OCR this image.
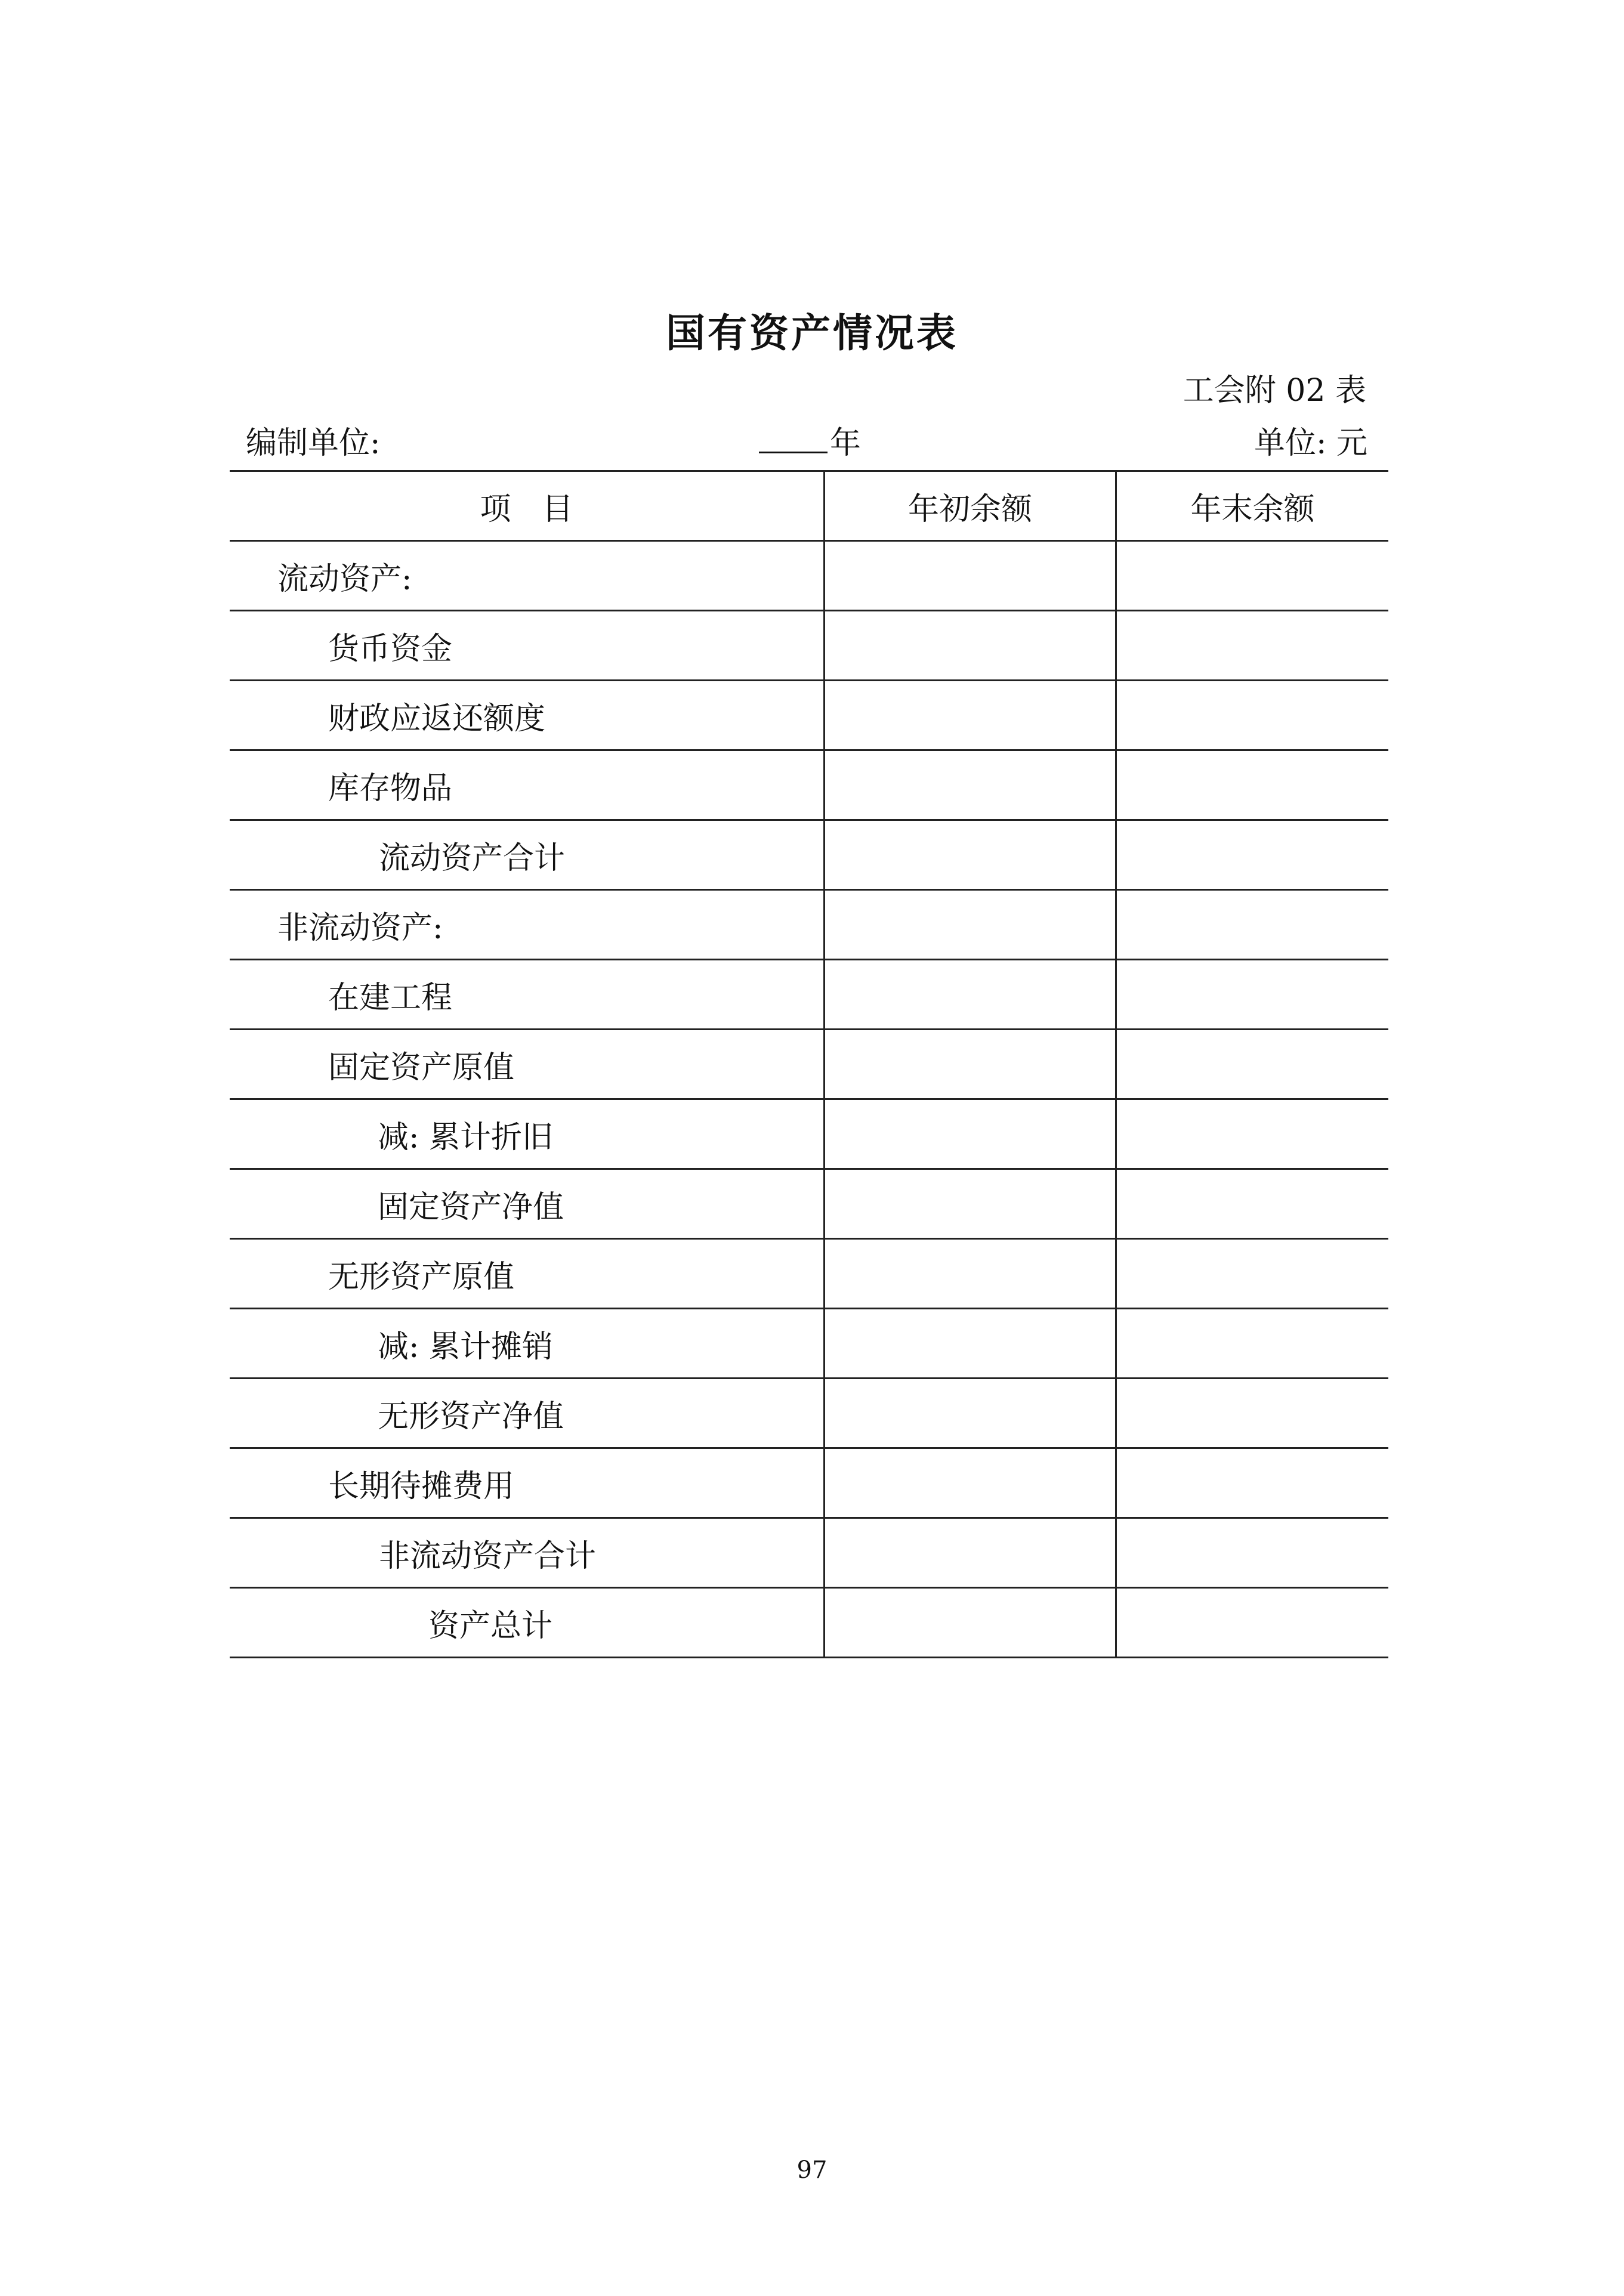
国有资产情况表
工会附 02 表
编制单位:	年	单位: 元
项　目	年初余额	年末余额
流动资产:		
货币资金		
财政应返还额度		
库存物品		
流动资产合计		
非流动资产:		
在建工程		
固定资产原值		
减: 累计折旧		
固定资产净值		
无形资产原值		
减: 累计摊销		
无形资产净值		
长期待摊费用		
非流动资产合计		
资产总计		
97
